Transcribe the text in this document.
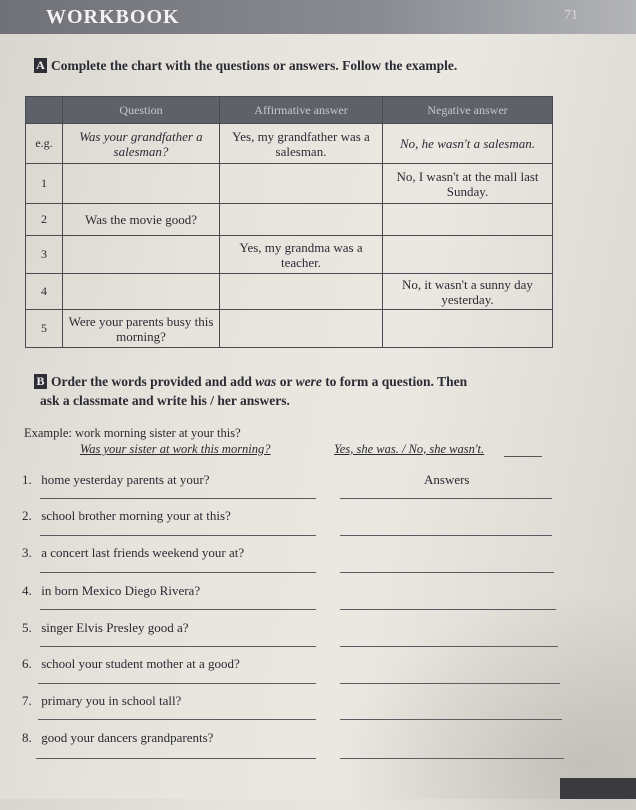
WORKBOOK	71
A Complete the chart with the questions or answers. Follow the example.
	Question	Affirmative answer	Negative answer
e.g.	Was your grandfather a salesman?	Yes, my grandfather was a salesman.	No, he wasn't a salesman.
1			No, I wasn't at the mall last Sunday.
2	Was the movie good?		
3		Yes, my grandma was a teacher.	
4			No, it wasn't a sunny day yesterday.
5	Were your parents busy this morning?		
B Order the words provided and add was or were to form a question. Then
ask a classmate and write his / her answers.
Example: work morning sister at your this?
Was your sister at work this morning?	Yes, she was. / No, she wasn't.
Answers
1. home yesterday parents at your?
2. school brother morning your at this?
3. a concert last friends weekend your at?
4. in born Mexico Diego Rivera?
5. singer Elvis Presley good a?
6. school your student mother at a good?
7. primary you in school tall?
8. good your dancers grandparents?
